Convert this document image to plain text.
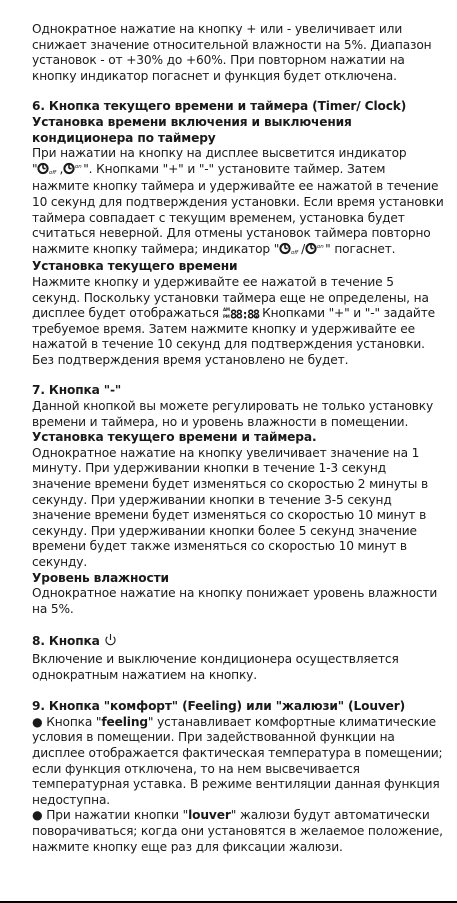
Однократное нажатие на кнопку + или - увеличивает или снижает значение относительной влажности на 5%. Диапазон установок - от +30% до +60%. При повторном нажатии на кнопку индикатор погаснет и функция будет отключена.

6. Кнопка текущего времени и таймера (Timer/ Clock)

Установка времени включения и выключения кондиционера по таймеру

При нажатии на кнопку на дисплее высветится индикатор
" off , on ". Кнопками "+" и "-" установите таймер. Затем нажмите кнопку таймера и удерживайте ее нажатой в течение 10 секунд для подтверждения установки. Если время установки таймера совпадает с текущим временем, установка будет считаться неверной. Для отмены установок таймера повторно нажмите кнопку таймера; индикатор " off / on " погаснет.

Установка текущего времени

Нажмите кнопку и удерживайте ее нажатой в течение 5 секунд. Поскольку установки таймера еще не определены, на дисплее будет отображаться AM
PM 88:88
. Кнопками "+" и "-" задайте требуемое время. Затем нажмите кнопку и удерживайте ее нажатой в течение 10 секунд для подтверждения установки. Без подтверждения время установлено не будет.

7. Кнопка "-"

Данной кнопкой вы можете регулировать не только установку времени и таймера, но и уровень влажности в помещении.

Установка текущего времени и таймера.

Однократное нажатие на кнопку увеличивает значение на 1 минуту. При удерживании кнопки в течение 1-3 секунд значение времени будет изменяться со скоростью 2 минуты в секунду. При удерживании кнопки в течение 3-5 секунд значение времени будет изменяться со скоростью 10 минут в секунду. При удерживании кнопки более 5 секунд значение времени будет также изменяться со скоростью 10 минут в секунду.

Уровень влажности

Однократное нажатие на кнопку понижает уровень влажности на 5%.

8. Кнопка

Включение и выключение кондиционера осуществляется однократным нажатием на кнопку.

9. Кнопка "комфорт" (Feeling) или "жалюзи" (Louver)

● Кнопка "feeling" устанавливает комфортные климатические условия в помещении. При задействованной функции на дисплее отображается фактическая температура в помещении; если функция отключена, то на нем высвечивается температурная уставка. В режиме вентиляции данная функция недоступна.

● При нажатии кнопки "louver" жалюзи будут автоматически поворачиваться; когда они установятся в желаемое положение, нажмите кнопку еще раз для фиксации жалюзи.
